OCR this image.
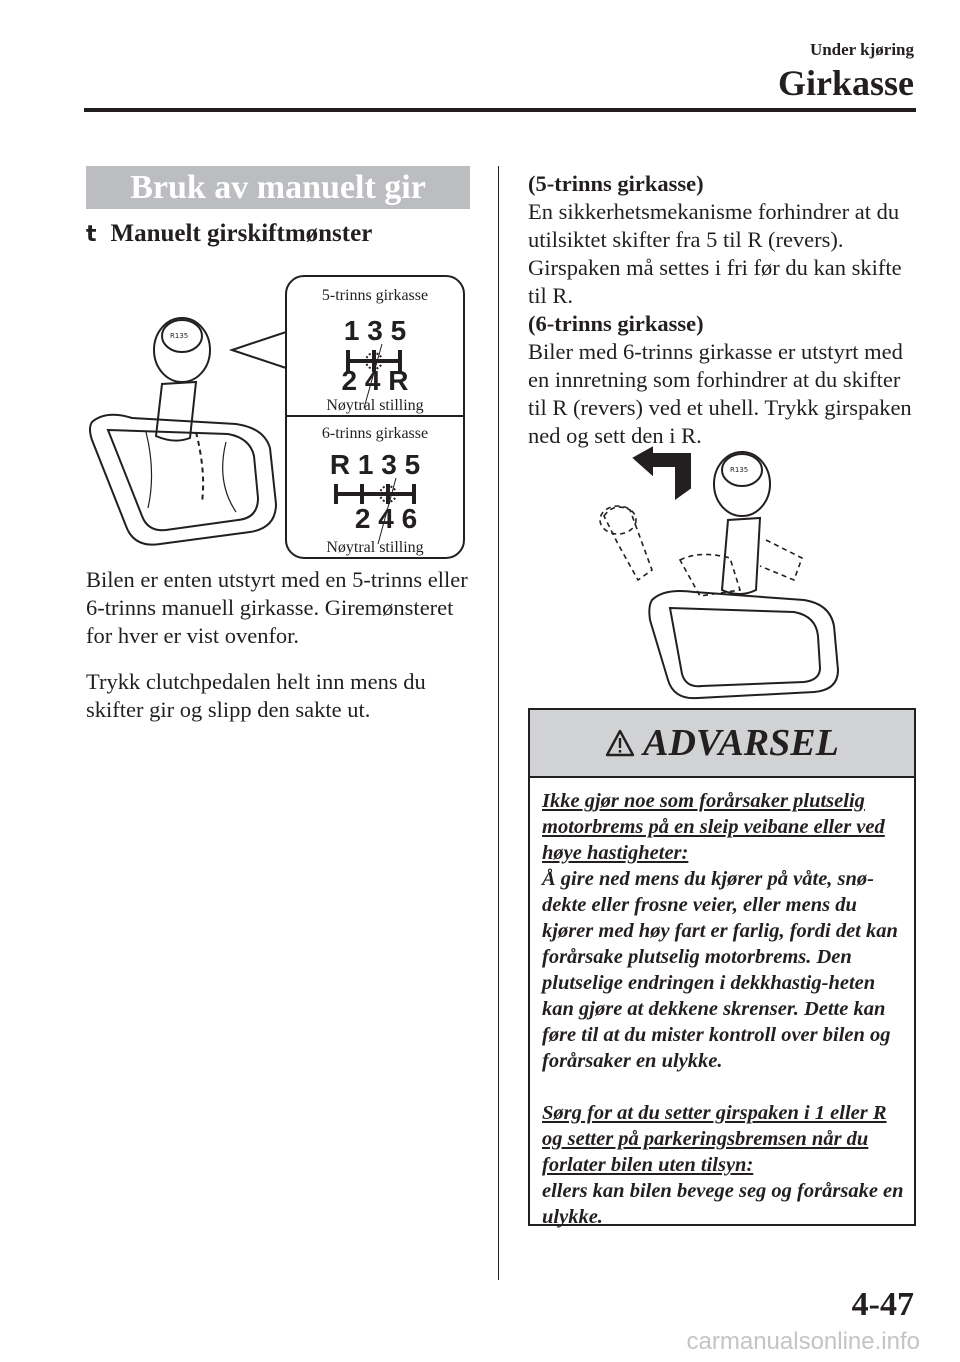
Under kjøring
Girkasse
Bruk av manuelt gir
t Manuelt girskiftmønster
R135
5-trinns girkasse
1 3 5
2 4 R
Nøytral stilling
6-trinns girkasse
R 1 3 5
2 4 6
Nøytral stilling
Bilen er enten utstyrt med en 5-trinns eller 6-trinns manuell girkasse. Giremønsteret for hver er vist ovenfor.
Trykk clutchpedalen helt inn mens du skifter gir og slipp den sakte ut.
(5-trinns girkasse)
En sikkerhetsmekanisme forhindrer at du utilsiktet skifter fra 5 til R (revers). Girspaken må settes i fri før du kan skifte til R.
(6-trinns girkasse)
Biler med 6-trinns girkasse er utstyrt med en innretning som forhindrer at du skifter til R (revers) ved et uhell. Trykk girspaken ned og sett den i R.
R135
ADVARSEL
Ikke gjør noe som forårsaker plutselig motorbrems på en sleip veibane eller ved høye hastigheter:
Å gire ned mens du kjører på våte, snø-dekte eller frosne veier, eller mens du kjører med høy fart er farlig, fordi det kan forårsake plutselig motorbrems. Den plutselige endringen i dekkhastig-heten kan gjøre at dekkene skrenser. Dette kan føre til at du mister kontroll over bilen og forårsaker en ulykke.
Sørg for at du setter girspaken i 1 eller R og setter på parkeringsbremsen når du forlater bilen uten tilsyn:
ellers kan bilen bevege seg og forårsake en ulykke.
4-47
carmanualsonline.info
